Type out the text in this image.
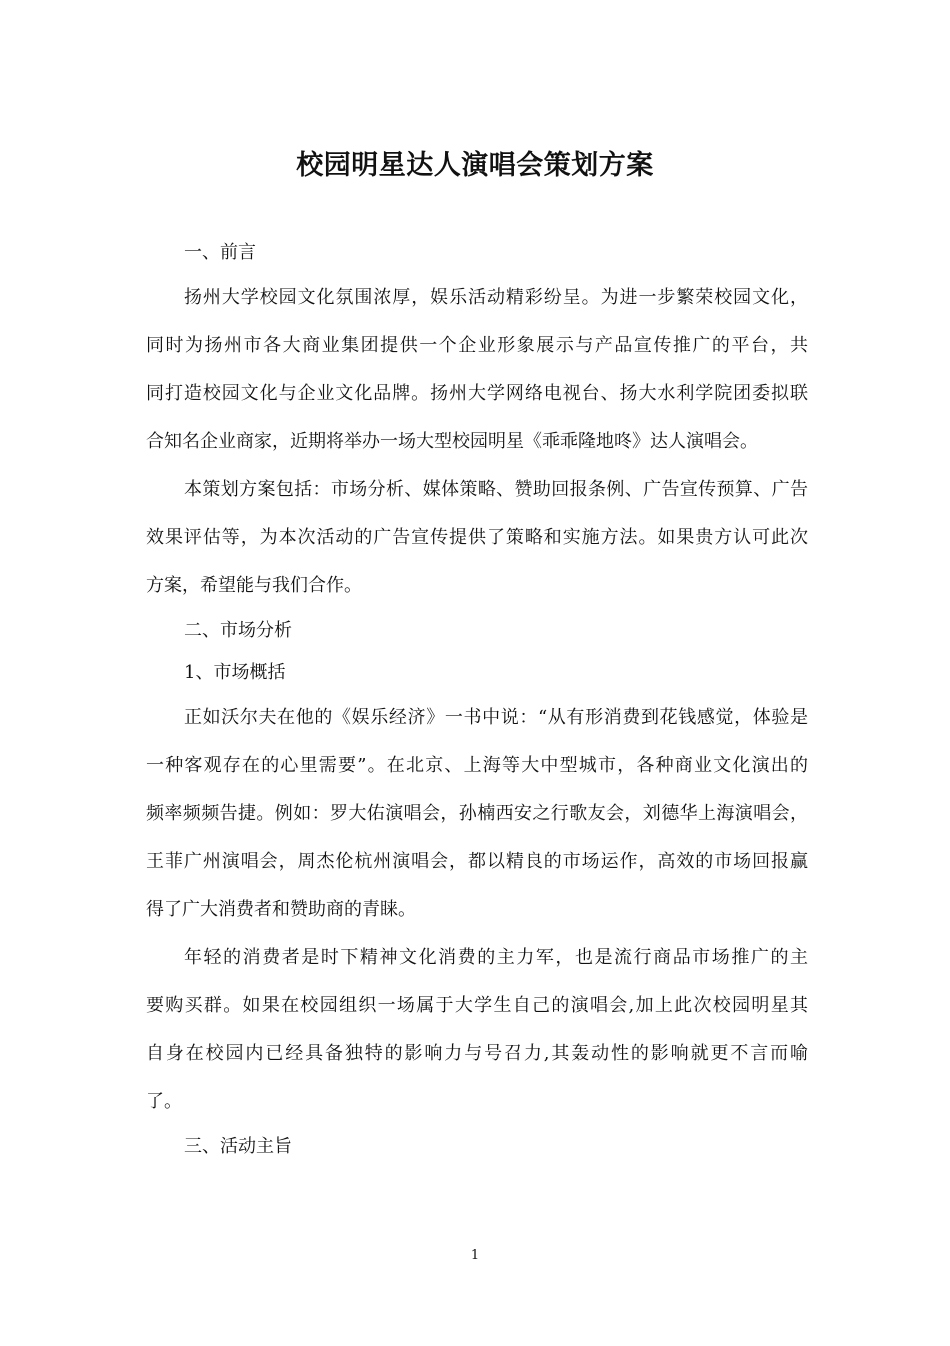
校园明星达人演唱会策划方案

一、前言

扬州大学校园文化氛围浓厚，娱乐活动精彩纷呈。为进一步繁荣校园文化，
同时为扬州市各大商业集团提供一个企业形象展示与产品宣传推广的平台，共
同打造校园文化与企业文化品牌。扬州大学网络电视台、扬大水利学院团委拟联
合知名企业商家，近期将举办一场大型校园明星《乖乖隆地咚》达人演唱会。

本策划方案包括：市场分析、媒体策略、赞助回报条例、广告宣传预算、广告
效果评估等，为本次活动的广告宣传提供了策略和实施方法。如果贵方认可此次
方案，希望能与我们合作。

二、市场分析

1、市场概括

正如沃尔夫在他的《娱乐经济》一书中说：“从有形消费到花钱感觉，体验是
一种客观存在的心里需要”。在北京、上海等大中型城市，各种商业文化演出的
频率频频告捷。例如：罗大佑演唱会，孙楠西安之行歌友会，刘德华上海演唱会，
王菲广州演唱会，周杰伦杭州演唱会，都以精良的市场运作，高效的市场回报赢
得了广大消费者和赞助商的青睐。

年轻的消费者是时下精神文化消费的主力军，也是流行商品市场推广的主
要购买群。如果在校园组织一场属于大学生自己的演唱会,加上此次校园明星其
自身在校园内已经具备独特的影响力与号召力,其轰动性的影响就更不言而喻
了。

三、活动主旨

1
